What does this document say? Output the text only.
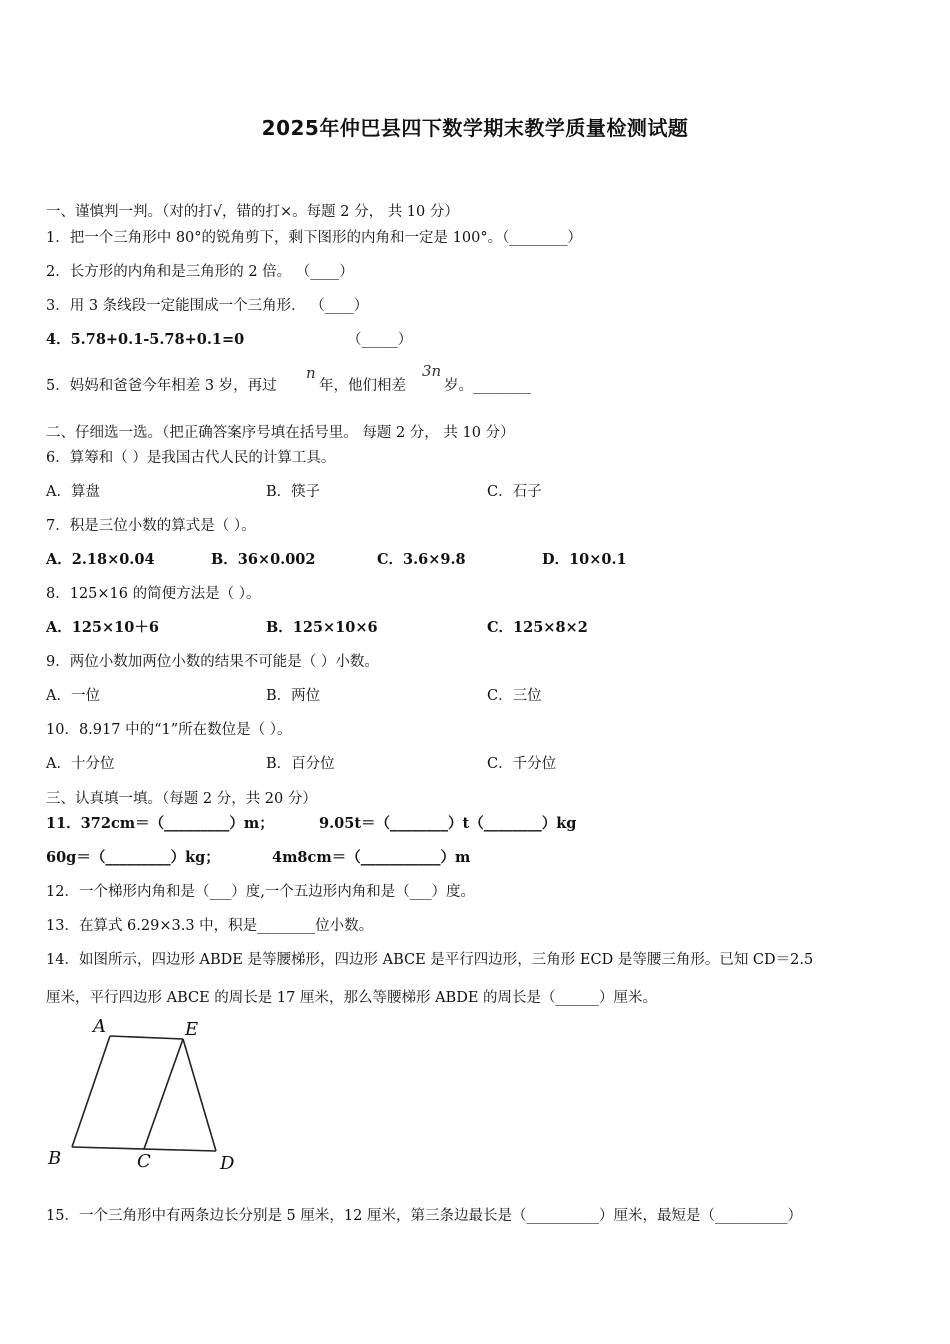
2025年仲巴县四下数学期末教学质量检测试题
一、谨慎判一判。（对的打√，错的打×。每题 2 分， 共 10 分）
1．把一个三角形中 80°的锐角剪下，剩下图形的内角和一定是 100°。（________）
2．长方形的内角和是三角形的 2 倍。 （____）
3．用 3 条线段一定能围成一个三角形． （____）
4．5.78+0.1-5.78+0.1=0	（_____）
5．妈妈和爸爸今年相差 3 岁，再过
n
年，他们相差
3n
岁。________
二、仔细选一选。（把正确答案序号填在括号里。 每题 2 分， 共 10 分）
6．算筹和（ ）是我国古代人民的计算工具。
A．算盘	B．筷子	C．石子
7．积是三位小数的算式是（ ）。
A．2.18×0.04	B．36×0.002	C．3.6×9.8	D．10×0.1
8．125×16 的简便方法是（ ）。
A．125×10＋6	B．125×10×6	C．125×8×2
9．两位小数加两位小数的结果不可能是（ ）小数。
A．一位	B．两位	C．三位
10．8.917 中的“1”所在数位是（ ）。
A．十分位	B．百分位	C．千分位
三、认真填一填。（每题 2 分，共 20 分）
11．372cm＝（_________）m；	9.05t＝（________）t（________）kg
60g＝（_________）kg；	4m8cm＝（___________）m
12．一个梯形内角和是（___）度,一个五边形内角和是（___）度。
13．在算式 6.29×3.3 中，积是________位小数。
14．如图所示，四边形 ABDE 是等腰梯形，四边形 ABCE 是平行四边形，三角形 ECD 是等腰三角形。已知 CD＝2.5
厘米，平行四边形 ABCE 的周长是 17 厘米，那么等腰梯形 ABDE 的周长是（______）厘米。
A	E
B	C	D
15．一个三角形中有两条边长分别是 5 厘米，12 厘米，第三条边最长是（__________）厘米，最短是（__________）
